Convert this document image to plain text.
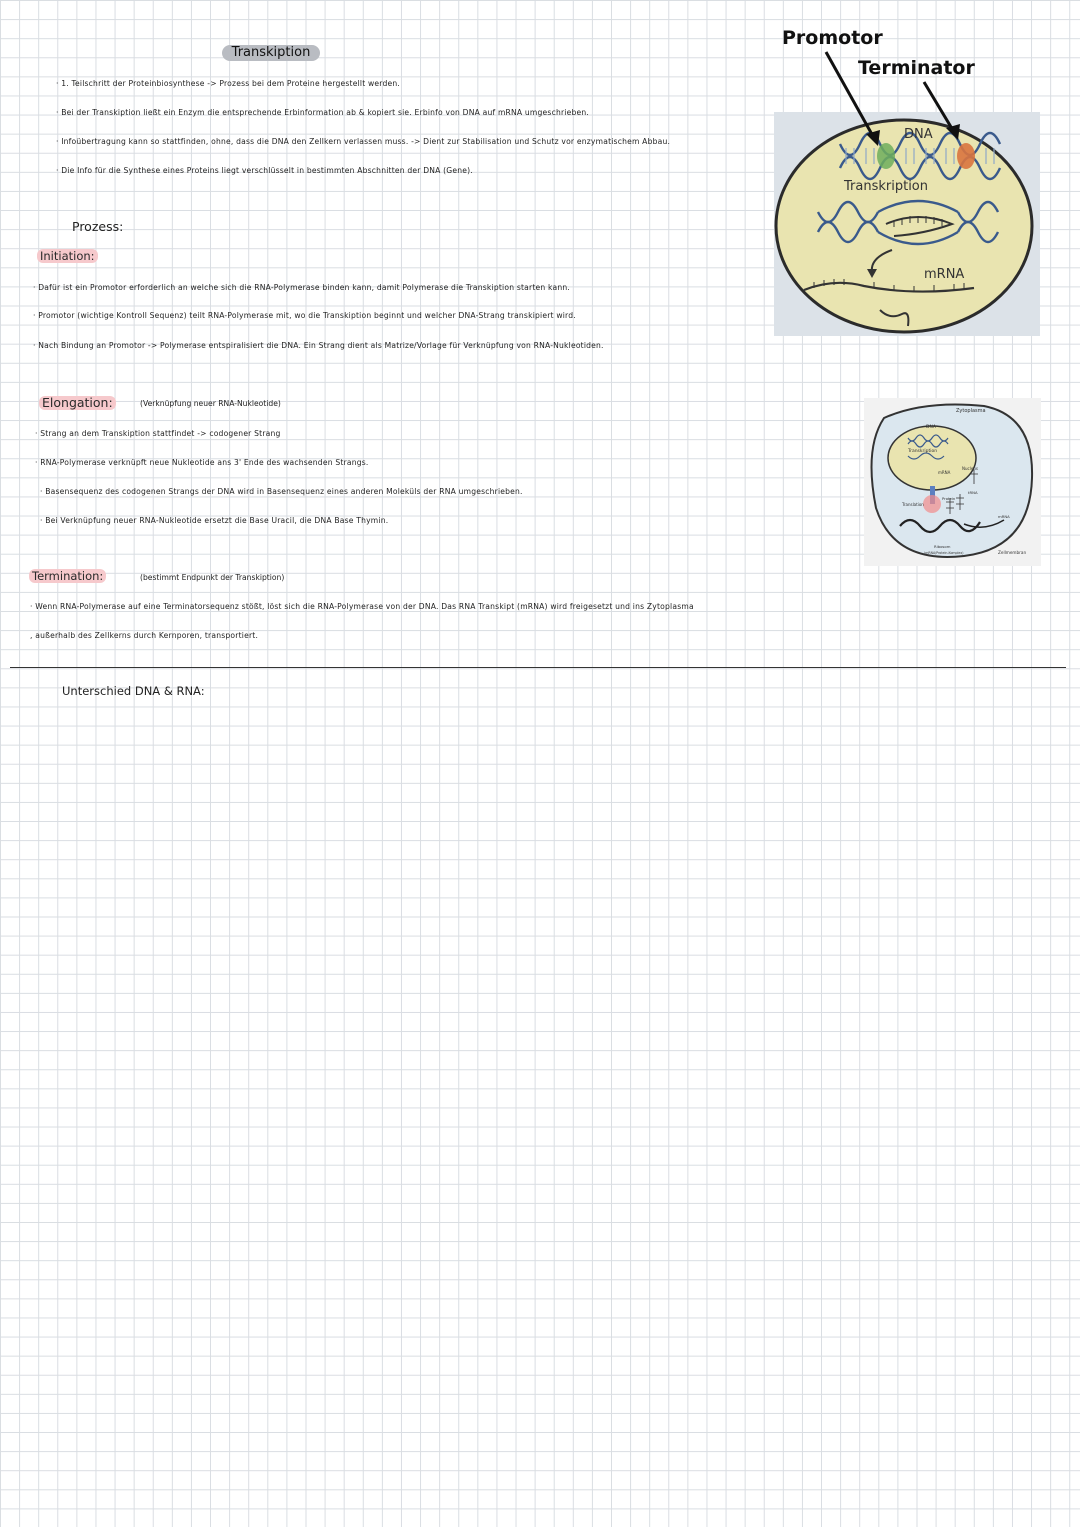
Transkiption
· 1. Teilschritt der Proteinbiosynthese -> Prozess bei dem Proteine hergestellt werden.
· Bei der Transkiption ließt ein Enzym die entsprechende Erbinformation ab & kopiert sie. Erbinfo von DNA auf mRNA umgeschrieben.
· Infoübertragung kann so stattfinden, ohne, dass die DNA den Zellkern verlassen muss. -> Dient zur Stabilisation und Schutz vor enzymatischem Abbau.
· Die Info für die Synthese eines Proteins liegt verschlüsselt in bestimmten Abschnitten der DNA (Gene).
Prozess:
Initiation:
· Dafür ist ein Promotor erforderlich an welche sich die RNA-Polymerase binden kann, damit Polymerase die Transkiption starten kann.
· Promotor (wichtige Kontroll Sequenz) teilt RNA-Polymerase mit, wo die Transkiption beginnt und welcher DNA-Strang transkipiert wird.
· Nach Bindung an Promotor -> Polymerase entspiralisiert die DNA. Ein Strang dient als Matrize/Vorlage für Verknüpfung von RNA-Nukleotiden.
Elongation:	(Verknüpfung neuer RNA-Nukleotide)
· Strang an dem Transkiption stattfindet -> codogener Strang
· RNA-Polymerase verknüpft neue Nukleotide ans 3' Ende des wachsenden Strangs.
· Basensequenz des codogenen Strangs der DNA wird in Basensequenz eines anderen Moleküls der RNA umgeschrieben.
· Bei Verknüpfung neuer RNA-Nukleotide ersetzt die Base Uracil, die DNA Base Thymin.
Termination:	(bestimmt Endpunkt der Transkiption)
· Wenn RNA-Polymerase auf eine Terminatorsequenz stößt, löst sich die RNA-Polymerase von der DNA. Das RNA Transkipt (mRNA) wird freigesetzt und ins Zytoplasma
, außerhalb des Zellkerns durch Kernporen, transportiert.
Unterschied DNA & RNA:
Promotor
Terminator
DNA
Transkription
mRNA
Zytoplasma
DNA
Transkription
mRNA
Nucleus
Translation
Protein
tRNA
mRNA
Ribosom
(mRNA/Protein-Komplex)	Zellmembran
